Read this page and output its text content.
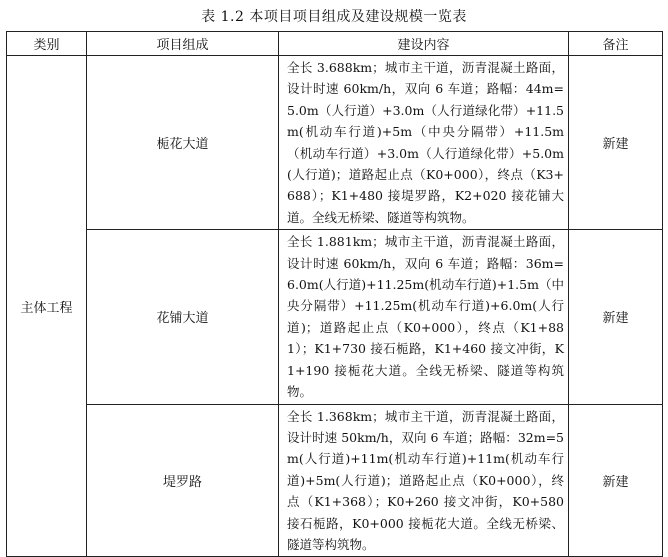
表 1.2 本项目项目组成及建设规模一览表
类别	项目组成	建设内容	备注
主体工程	栀花大道	全长 3.688km；城市主干道，沥青混凝土路面，设计时速 60km/h，双向 6 车道；路幅：44m=5.0m（人行道）+3.0m（人行道绿化带）+11.5m(机动车行道)+5m（中央分隔带）+11.5m（机动车行道）+3.0m（人行道绿化带）+5.0m(人行道)；道路起止点（K0+000），终点（K3+688）；K1+480 接堤罗路，K2+020 接花铺大道。全线无桥梁、隧道等构筑物。	新建
	花铺大道	全长 1.881km；城市主干道，沥青混凝土路面，设计时速 60km/h，双向 6 车道；路幅：36m=6.0m(人行道)+11.25m(机动车行道)+1.5m（中央分隔带）+11.25m(机动车行道)+6.0m(人行道)；道路起止点（K0+000），终点（K1+881）；K1+730 接石栀路，K1+460 接文冲街，K1+190 接栀花大道。全线无桥梁、隧道等构筑物。	新建
	堤罗路	全长 1.368km；城市主干道，沥青混凝土路面，设计时速 50km/h，双向 6 车道；路幅：32m=5m(人行道)+11m(机动车行道)+11m(机动车行道)+5m(人行道)；道路起止点（K0+000），终点（K1+368）；K0+260 接文冲街，K0+580 接石栀路，K0+000 接栀花大道。全线无桥梁、隧道等构筑物。	新建
